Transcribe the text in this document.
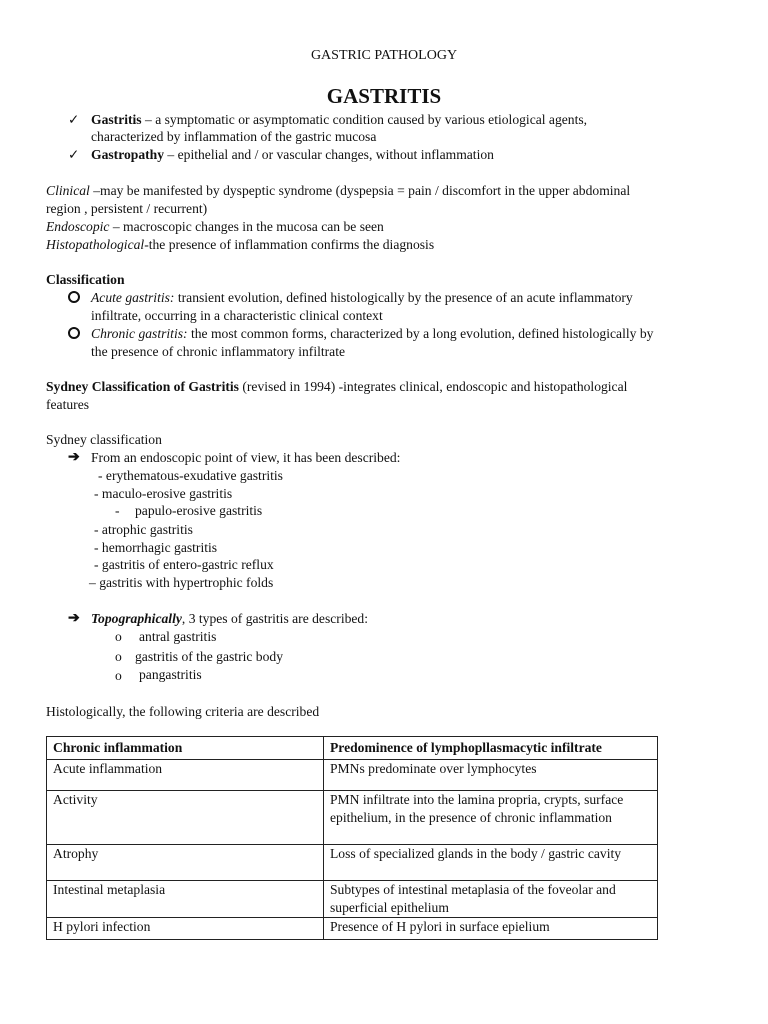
GASTRIC PATHOLOGY
GASTRITIS
✓ Gastritis – a symptomatic or asymptomatic condition caused by various etiological agents,
characterized by inflammation of the gastric mucosa
✓ Gastropathy – epithelial and / or vascular changes, without inflammation
Clinical –may be manifested by dyspeptic syndrome (dyspepsia = pain / discomfort in the upper abdominal
region , persistent / recurrent)
Endoscopic – macroscopic changes in the mucosa can be seen
Histopathological-the presence of inflammation confirms the diagnosis
Classification
Acute gastritis: transient evolution, defined histologically by the presence of an acute inflammatory
infiltrate, occurring in a characteristic clinical context
Chronic gastritis: the most common forms, characterized by a long evolution, defined histologically by
the presence of chronic inflammatory infiltrate
Sydney Classification of Gastritis (revised in 1994) -integrates clinical, endoscopic and histopathological
features
Sydney classification
➔ From an endoscopic point of view, it has been described:
- erythematous-exudative gastritis
- maculo-erosive gastritis
- papulo-erosive gastritis
- atrophic gastritis
- hemorrhagic gastritis
- gastritis of entero-gastric reflux
– gastritis with hypertrophic folds
➔ Topographically, 3 types of gastritis are described:
o antral gastritis
o gastritis of the gastric body
o pangastritis
Histologically, the following criteria are described
Chronic inflammation	Predominence of lymphopllasmacytic infiltrate
Acute inflammation	PMNs predominate over lymphocytes
Activity	PMN infiltrate into the lamina propria, crypts, surface epithelium, in the presence of chronic inflammation
Atrophy	Loss of specialized glands in the body / gastric cavity
Intestinal metaplasia	Subtypes of intestinal metaplasia of the foveolar and superficial epithelium
H pylori infection	Presence of H pylori in surface epielium
